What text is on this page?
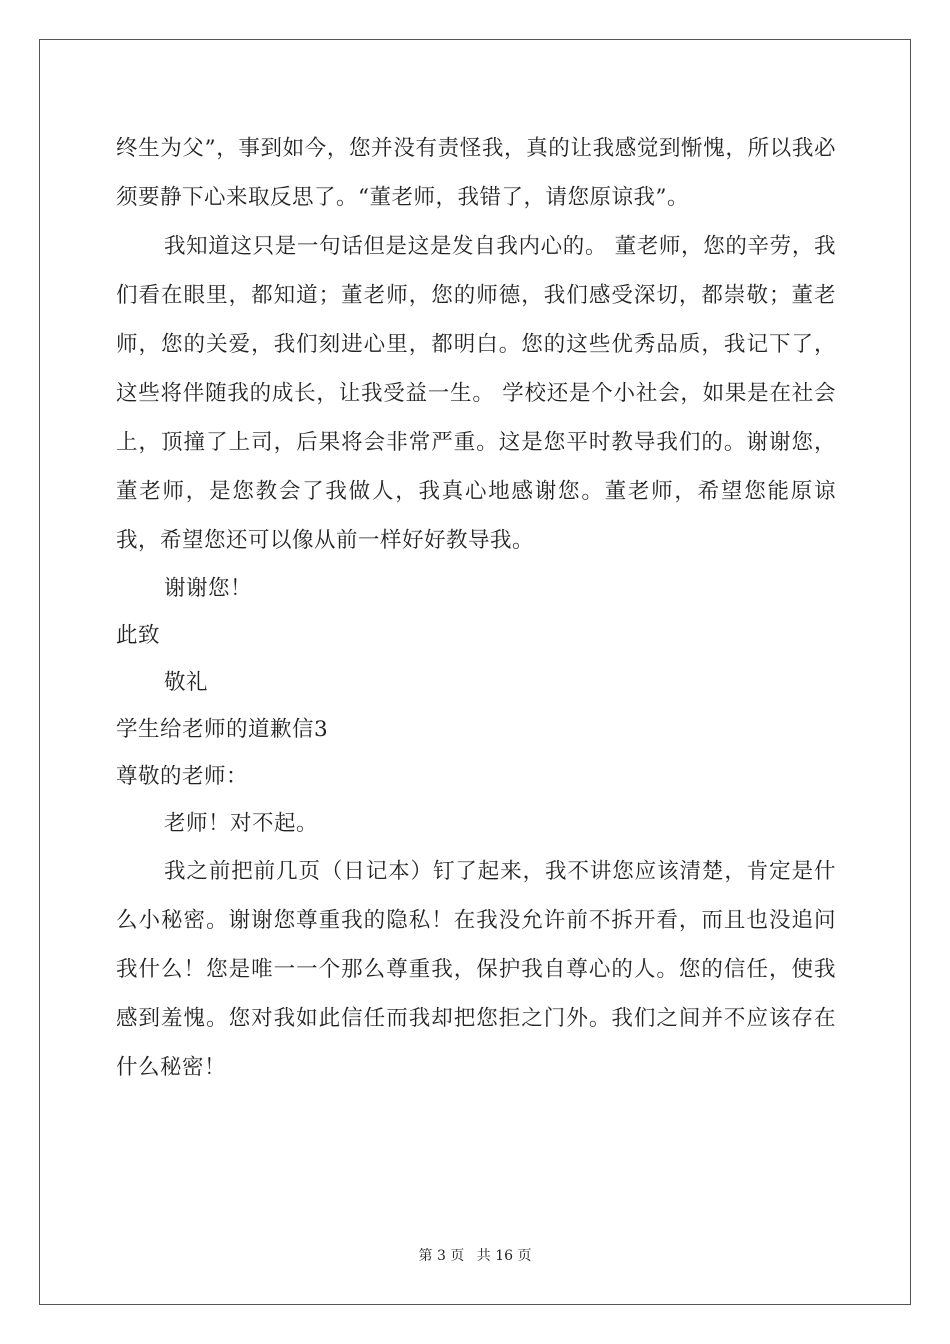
终生为父”，事到如今，您并没有责怪我，真的让我感觉到惭愧，所以我必须要静下心来取反思了。“董老师，我错了，请您原谅我”。

我知道这只是一句话但是这是发自我内心的。 董老师，您的辛劳，我们看在眼里，都知道；董老师，您的师德，我们感受深切，都崇敬；董老师，您的关爱，我们刻进心里，都明白。您的这些优秀品质，我记下了，这些将伴随我的成长，让我受益一生。 学校还是个小社会，如果是在社会上，顶撞了上司，后果将会非常严重。这是您平时教导我们的。谢谢您，董老师，是您教会了我做人，我真心地感谢您。董老师，希望您能原谅我，希望您还可以像从前一样好好教导我。

谢谢您！

此致

敬礼

学生给老师的道歉信3

尊敬的老师：

老师！对不起。

我之前把前几页（日记本）钉了起来，我不讲您应该清楚，肯定是什么小秘密。谢谢您尊重我的隐私！在我没允许前不拆开看，而且也没追问我什么！您是唯一一个那么尊重我，保护我自尊心的人。您的信任，使我感到羞愧。您对我如此信任而我却把您拒之门外。我们之间并不应该存在什么秘密！

第 3 页 共 16 页
